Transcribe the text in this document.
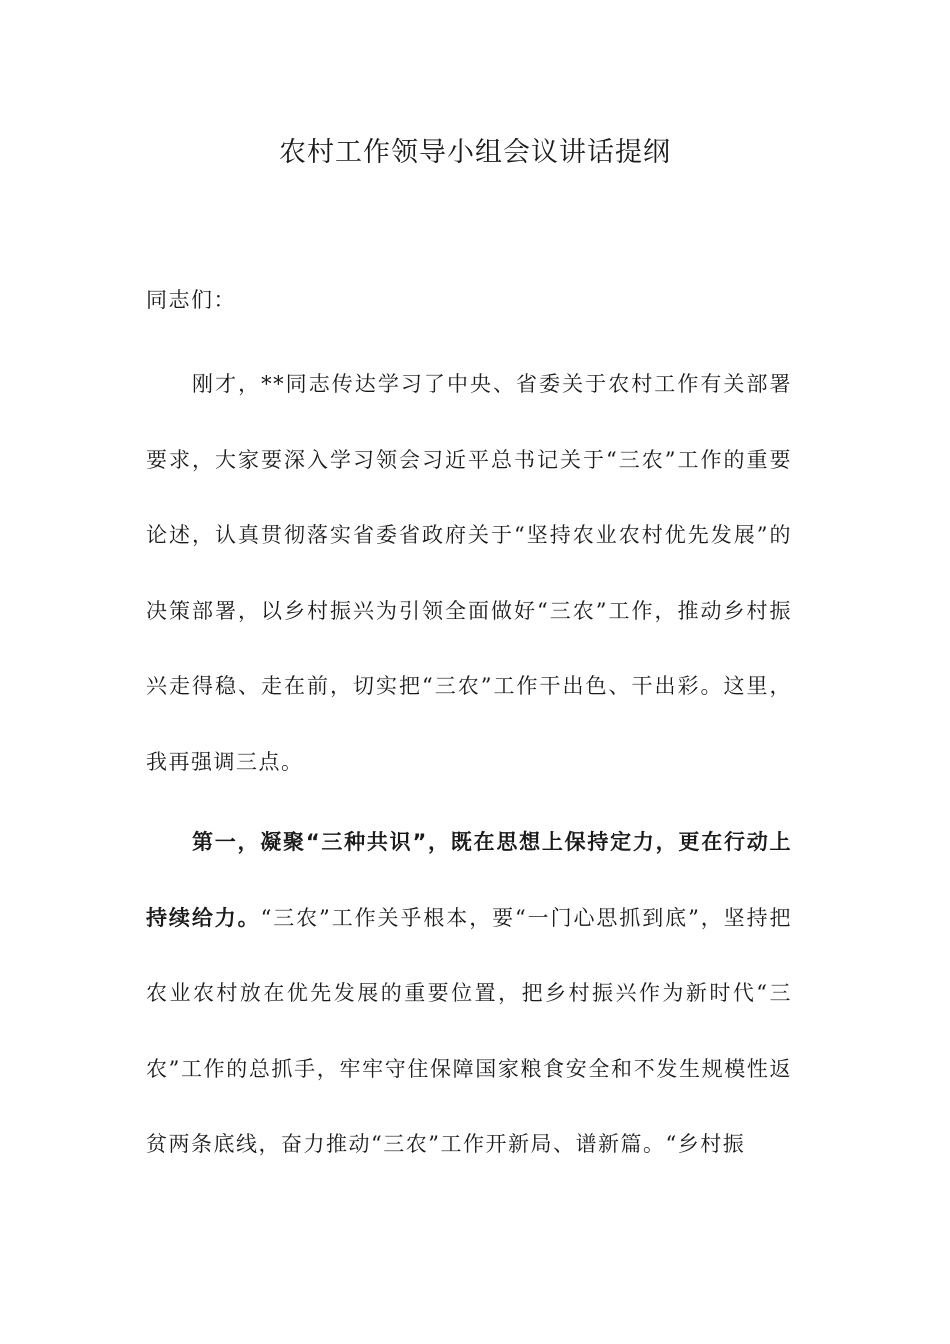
农村工作领导小组会议讲话提纲

同志们：

刚才，**同志传达学习了中央、省委关于农村工作有关部署要求，大家要深入学习领会习近平总书记关于“三农”工作的重要论述，认真贯彻落实省委省政府关于“坚持农业农村优先发展”的决策部署，以乡村振兴为引领全面做好“三农”工作，推动乡村振兴走得稳、走在前，切实把“三农”工作干出色、干出彩。这里，我再强调三点。

第一，凝聚“三种共识”，既在思想上保持定力，更在行动上持续给力。“三农”工作关乎根本，要“一门心思抓到底”，坚持把农业农村放在优先发展的重要位置，把乡村振兴作为新时代“三农”工作的总抓手，牢牢守住保障国家粮食安全和不发生规模性返贫两条底线，奋力推动“三农”工作开新局、谱新篇。“乡村振
